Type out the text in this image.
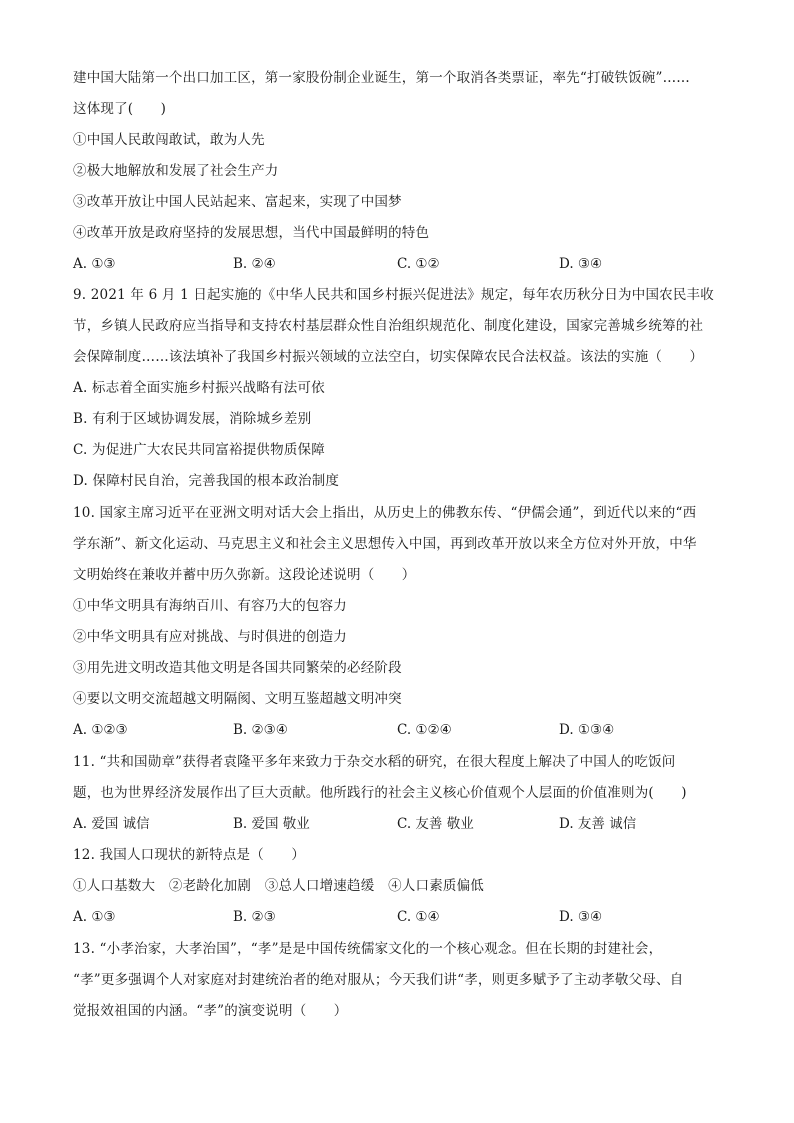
建中国大陆第一个出口加工区，第一家股份制企业诞生，第一个取消各类票证，率先“打破铁饭碗”……
这体现了(　　)
①中国人民敢闯敢试，敢为人先
②极大地解放和发展了社会生产力
③改革开放让中国人民站起来、富起来，实现了中国梦
④改革开放是政府坚持的发展思想，当代中国最鲜明的特色
A. ①③	B. ②④	C. ①②	D. ③④
9. 2021 年 6 月 1 日起实施的《中华人民共和国乡村振兴促进法》规定，每年农历秋分日为中国农民丰收
节，乡镇人民政府应当指导和支持农村基层群众性自治组织规范化、制度化建设，国家完善城乡统筹的社
会保障制度……该法填补了我国乡村振兴领域的立法空白，切实保障农民合法权益。该法的实施（　　）
A. 标志着全面实施乡村振兴战略有法可依
B. 有利于区域协调发展，消除城乡差别
C. 为促进广大农民共同富裕提供物质保障
D. 保障村民自治，完善我国的根本政治制度
10. 国家主席习近平在亚洲文明对话大会上指出，从历史上的佛教东传、“伊儒会通”，到近代以来的“西
学东渐”、新文化运动、马克思主义和社会主义思想传入中国，再到改革开放以来全方位对外开放，中华
文明始终在兼收并蓄中历久弥新。这段论述说明（　　）
①中华文明具有海纳百川、有容乃大的包容力
②中华文明具有应对挑战、与时俱进的创造力
③用先进文明改造其他文明是各国共同繁荣的必经阶段
④要以文明交流超越文明隔阂、文明互鉴超越文明冲突
A. ①②③	B. ②③④	C. ①②④	D. ①③④
11. “共和国勋章”获得者袁隆平多年来致力于杂交水稻的研究，在很大程度上解决了中国人的吃饭问
题，也为世界经济发展作出了巨大贡献。他所践行的社会主义核心价值观个人层面的价值准则为(　　)
A. 爱国 诚信	B. 爱国 敬业	C. 友善 敬业	D. 友善 诚信
12. 我国人口现状的新特点是（　　）
①人口基数大　②老龄化加剧　③总人口增速趋缓　④人口素质偏低
A. ①③	B. ②③	C. ①④	D. ③④
13. “小孝治家，大孝治国”，“孝”是是中国传统儒家文化的一个核心观念。但在长期的封建社会，
“孝”更多强调个人对家庭对封建统治者的绝对服从；今天我们讲“孝，则更多赋予了主动孝敬父母、自
觉报效祖国的内涵。“孝”的演变说明（　　）
